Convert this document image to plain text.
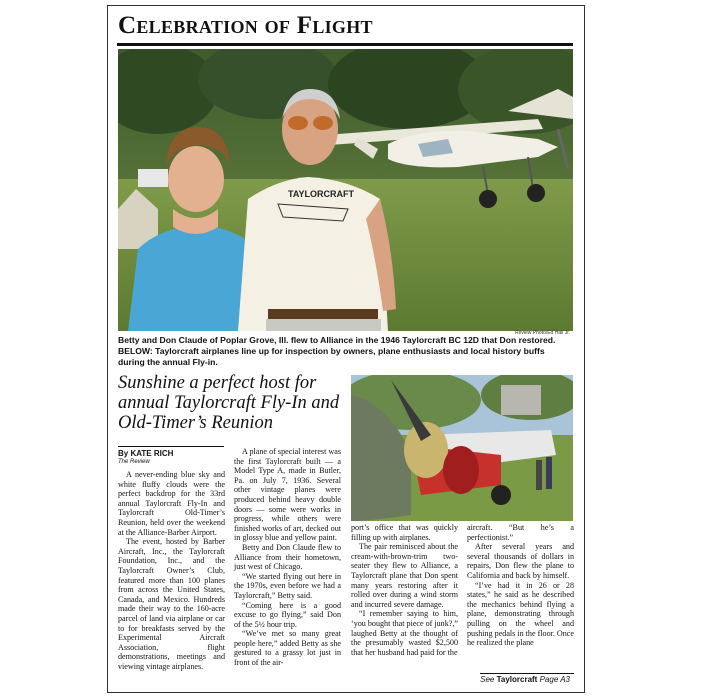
Celebration of Flight
TAYLORCRAFT
Review Photo/Ed Hall Jr.
Betty and Don Claude of Poplar Grove, Ill. flew to Alliance in the 1946 Taylorcraft BC 12D that Don restored. BELOW: Taylorcraft airplanes line up for inspection by owners, plane enthusiasts and local history buffs during the annual Fly-in.
Sunshine a perfect host for annual Taylorcraft Fly-In and Old-Timer’s Reunion
By KATE RICH
The Review

A never-ending blue sky and white fluffy clouds were the perfect backdrop for the 33rd annual Taylorcraft Fly-In and Taylorcraft Old-Timer’s Reunion, held over the weekend at the Alliance-Barber Airport.

The event, hosted by Barber Aircraft, Inc., the Taylorcraft Foundation, Inc., and the Taylorcraft Owner’s Club, featured more than 100 planes from across the United States, Canada, and Mexico. Hundreds made their way to the 160-acre parcel of land via airplane or car to for breakfasts served by the Experimental Aircraft Association, flight demonstrations, meetings and viewing vintage airplanes.

A plane of special interest was the first Taylorcraft built — a Model Type A, made in Butler, Pa. on July 7, 1936. Several other vintage planes were produced behind heavy double doors — some were works in progress, while others were finished works of art, decked out in glossy blue and yellow paint.

Betty and Don Claude flew to Alliance from their hometown, just west of Chicago.

“We started flying out here in the 1970s, even before we had a Taylorcraft,” Betty said.

“Coming here is a good excuse to go flying,” said Don of the 5½ hour trip.

“We’ve met so many great people here,” added Betty as she gestured to a grassy lot just in front of the air-

port’s office that was quickly filling up with airplanes.

The pair reminisced about the cream-with-brown-trim two-seater they flew to Alliance, a Taylorcraft plane that Don spent many years restoring after it rolled over during a wind storm and incurred severe damage.

“I remember saying to him, ‘you bought that piece of junk?,” laughed Betty at the thought of the presumably wasted $2,500 that her husband had paid for the

aircraft. “But he’s a perfectionist.”

After several years and several thousands of dollars in repairs, Don flew the plane to California and back by himself.

“I’ve had it in 26 or 28 states,” he said as he described the mechanics behind flying a plane, demonstrating through pulling on the wheel and pushing pedals in the floor. Once he realized the plane

See Taylorcraft Page A3
